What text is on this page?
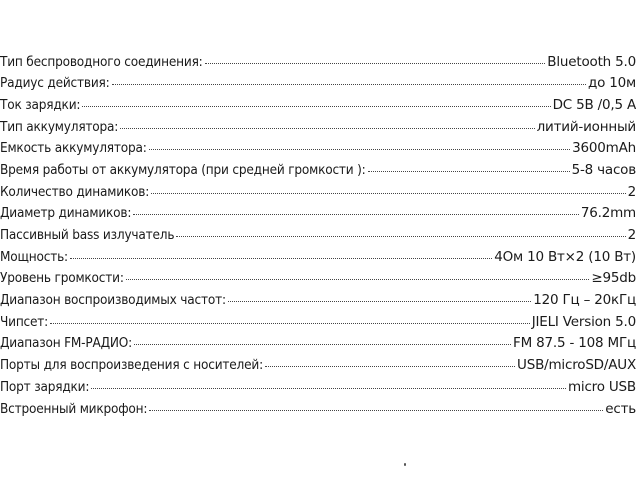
Тип беспроводного соединения:	Bluetooth 5.0
Радиус действия:	до 10м
Ток зарядки:	DC 5В /0,5 А
Тип аккумулятора:	литий-ионный
Емкость аккумулятора:	3600mAh
Время работы от аккумулятора (при средней громкости ):	5-8 часов
Количество динамиков:	2
Диаметр динамиков:	76.2mm
Пассивный bass излучатель	2
Мощность:	4Ом 10 Вт×2 (10 Вт)
Уровень громкости:	≥95db
Диапазон воспроизводимых частот:	120 Гц – 20кГц
Чипсет:	JIELI Version 5.0
Диапазон FM-РАДИО:	FM 87.5 - 108 МГц
Порты для воспроизведения с носителей:	USB/microSD/AUX
Порт зарядки:	micro USB
Встроенный микрофон:	есть
